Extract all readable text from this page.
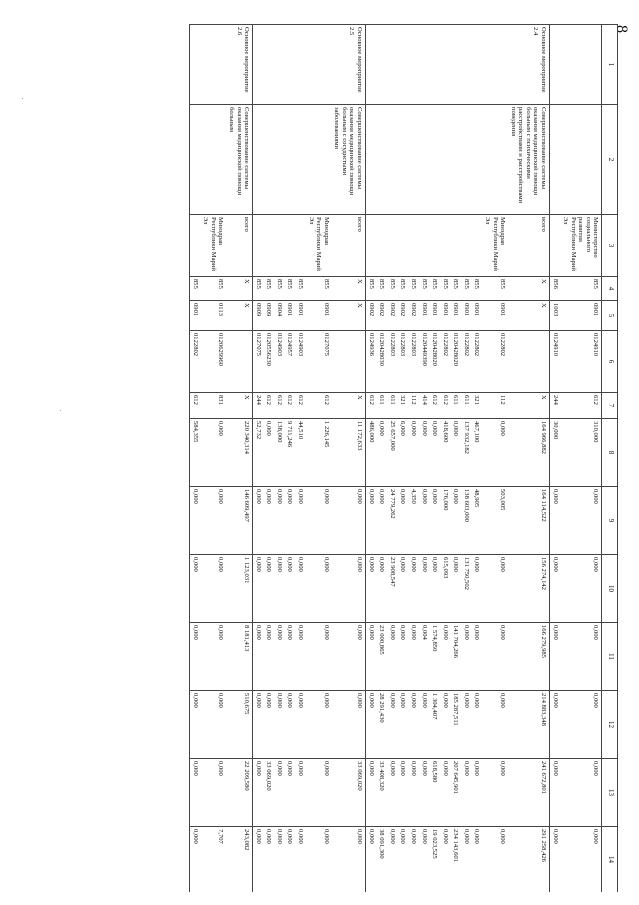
8
1	2	3	4	5	6	7	8	9	10	11	12	13	14
		Министерство социального развития Республики Марий Эл	855	0901	0124910	612	310,000	0,000	0,000	0,000	0,000	0,000	0,000
			856	1003	0124910	244	30,000	0,000	0,000	0,000	0,000	0,000	0,000
Основное мероприятие 2.4	Совершенствование системы оказания медицинской помощи больным с психическими расстройствами и расстройствами поведения	всего	X	X		X	164 966,882	164 114,522	156 274,142	166 279,985	214 883,348	241 672,801	291 258,426
		Минздрав Республики Марий Эл	855	0901	0122802	112	0,000	503,005	0,000	0,000	0,000	0,000	0,000
			855	0901	0122802	321	467,100	48,905	0,000	0,000	0,000	0,000	0,000
			855	0901	0122802	611	137 932,182	138 603,000	131 750,502	0,000	0,000	0,000	0,000
			855	0901	0120428020	611	0,000	0,000	0,000	141 704,266	185 287,511	207 645,901	234 143,601
			855	0901	0122802	612	418,600	176,000	615,093	0,000	0,000	0,000	0,000
			855	0901	0120428020	612	0,000	0,000	0,000	1 574,850	1 304,407	618,580	19 023,525
			855	0901	0120449390	414	0,000	0,000	0,000	0,004	0,000	0,000	0,000
			855	0902	0122803	112	0,000	4,350	0,000	0,000	0,000	0,000	0,000
			855	0902	0122803	321	6,000	0,000	0,000	0,000	0,000	0,000	0,000
			855	0902	0122803	611	25 657,000	24 779,262	23 908,547	0,000	0,000	0,000	0,000
			855	0902	0120428030	611	0,000	0,000	0,000	23 000,865	28 291,430	33 408,320	38 091,300
			855	0902	0124936	612	486,000	0,000	0,000	0,000	0,000	0,000	0,000
Основное мероприятие 2.5	Совершенствование системы оказания медицинской помощи больным с сосудистыми заболеваниями	всего	X	X		X	11 172,633	0,000	0,000	0,000	0,000	33 069,020	0,000
		Минздрав Республики Марий Эл	855	0901	0127075	612	1 226,145	0,000	0,000	0,000	0,000	0,000	0,000
			855	0901	0124903	612	44,510	0,000	0,000	0,000	0,000	0,000	0,000
			855	0901	0124957	612	9 711,246	0,000	0,000	0,000	0,000	0,000	0,000
			855	0904	0124903	612	138,000	0,000	0,000	0,000	0,000	0,000	0,000
			855	0909	0120556230	612	0,000	0,000	0,000	0,000	0,000	33 069,020	0,000
			855	0909	0127075	244	52,732	0,000	0,000	0,000	0,000	0,000	0,000
Основное мероприятие 2.6	Совершенствование системы оказания медицинской помощи больным	всего	X	X		X	220 340,314	146 609,497	1 123,031	8 181,413	510,675	22 209,580	243,082
		Минздрав Республики Марий Эл	855	0113	0120629960	831	0,000	0,000	0,000	0,000	0,000	0,000	7,707
			855	0901	0122802	612	584,355	0,000	0,000	0,000	0,000	0,000	0,000
